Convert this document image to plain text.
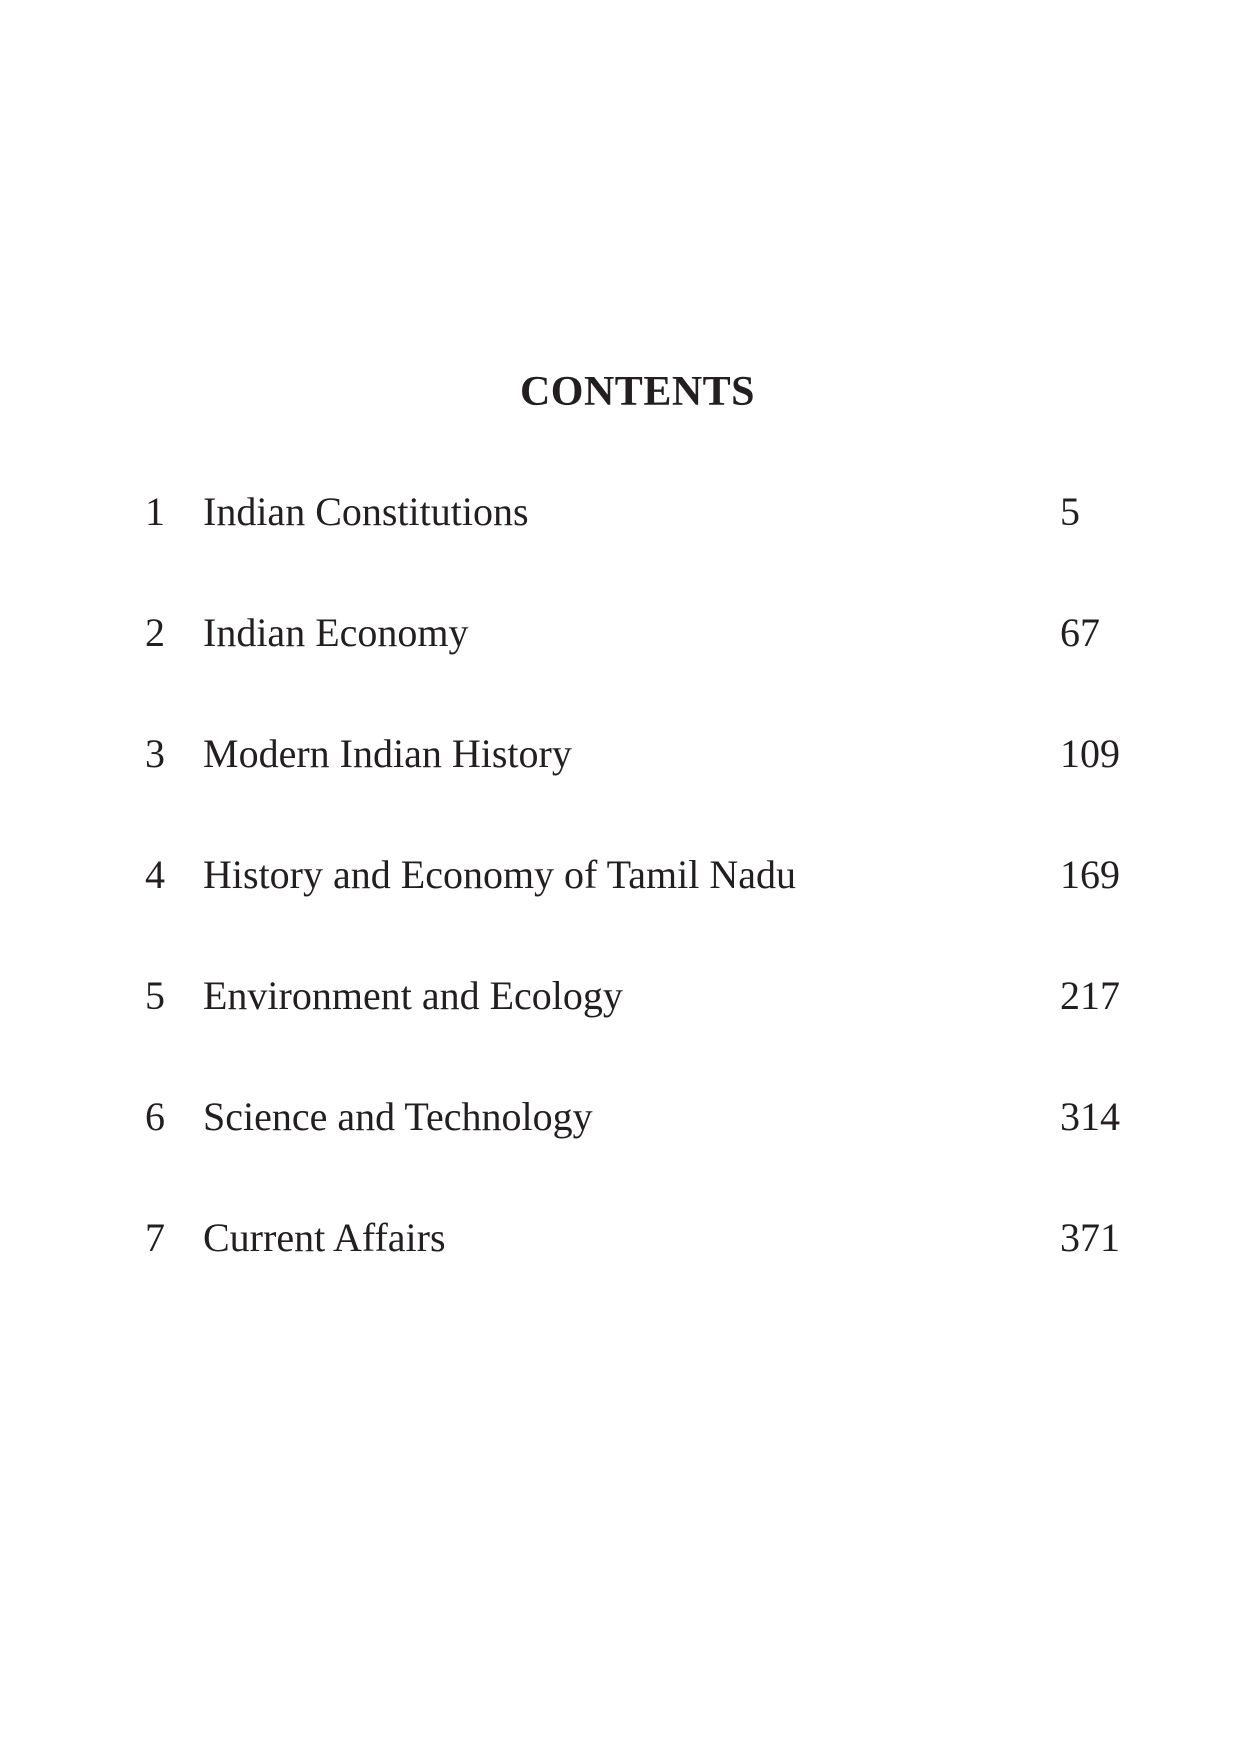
CONTENTS
1 Indian Constitutions	5
2 Indian Economy	67
3 Modern Indian History	109
4 History and Economy of Tamil Nadu	169
5 Environment and Ecology	217
6 Science and Technology	314
7 Current Affairs	371
